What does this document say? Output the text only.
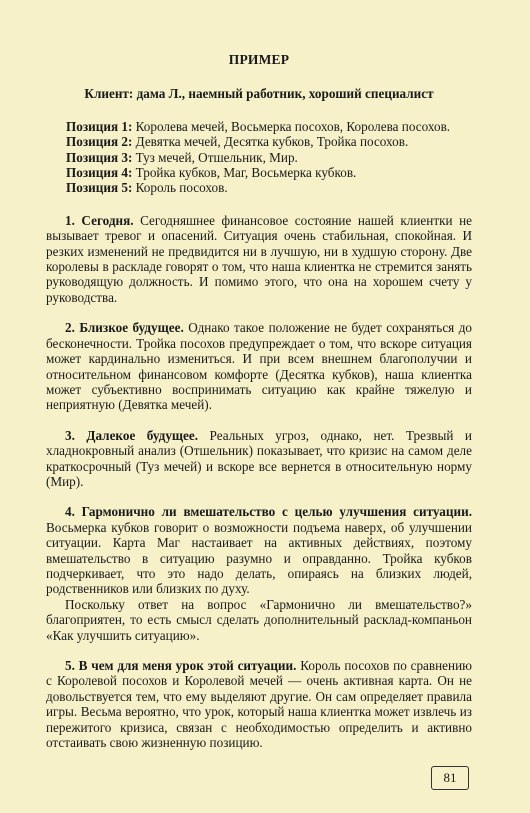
ПРИМЕР
Клиент: дама Л., наемный работник, хороший специалист
Позиция 1: Королева мечей, Восьмерка посохов, Королева посохов.
Позиция 2: Девятка мечей, Десятка кубков, Тройка посохов.
Позиция 3: Туз мечей, Отшельник, Мир.
Позиция 4: Тройка кубков, Маг, Восьмерка кубков.
Позиция 5: Король посохов.

1. Сегодня. Сегодняшнее финансовое состояние нашей клиентки не вызывает тревог и опасений. Ситуация очень стабильная, спокойная. И резких изменений не предвидится ни в лучшую, ни в худшую сторону. Две королевы в раскладе говорят о том, что наша клиентка не стремится занять руководящую должность. И помимо этого, что она на хорошем счету у руководства.

2. Близкое будущее. Однако такое положение не будет сохраняться до бесконечности. Тройка посохов предупреждает о том, что вскоре ситуация может кардинально измениться. И при всем внешнем благополучии и относительном финансовом комфорте (Десятка кубков), наша клиентка может субъективно воспринимать ситуацию как крайне тяжелую и неприятную (Девятка мечей).

3. Далекое будущее. Реальных угроз, однако, нет. Трезвый и хладнокровный анализ (Отшельник) показывает, что кризис на самом деле краткосрочный (Туз мечей) и вскоре все вернется в относительную норму (Мир).

4. Гармонично ли вмешательство с целью улучшения ситуации. Восьмерка кубков говорит о возможности подъема наверх, об улучшении ситуации. Карта Маг настаивает на активных действиях, поэтому вмешательство в ситуацию разумно и оправданно. Тройка кубков подчеркивает, что это надо делать, опираясь на близких людей, родственников или близких по духу.

Поскольку ответ на вопрос «Гармонично ли вмешательство?» благоприятен, то есть смысл сделать дополнительный расклад-компаньон «Как улучшить ситуацию».

5. В чем для меня урок этой ситуации. Король посохов по сравнению с Королевой посохов и Королевой мечей — очень активная карта. Он не довольствуется тем, что ему выделяют другие. Он сам определяет правила игры. Весьма вероятно, что урок, который наша клиентка может извлечь из пережитого кризиса, связан с необходимостью определить и активно отстаивать свою жизненную позицию.

81
